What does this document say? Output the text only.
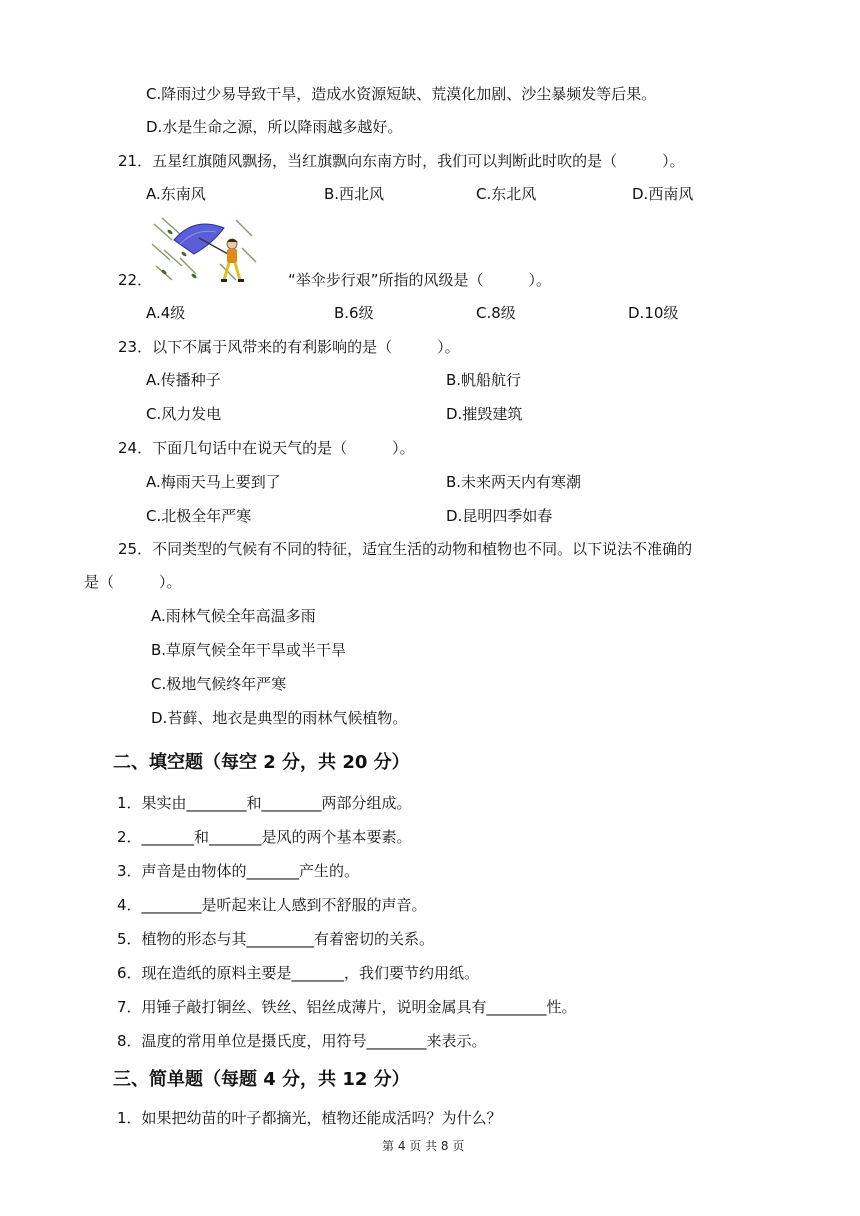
C.降雨过少易导致干旱，造成水资源短缺、荒漠化加剧、沙尘暴频发等后果。
D.水是生命之源，所以降雨越多越好。
21．五星红旗随风飘扬，当红旗飘向东南方时，我们可以判断此时吹的是（　　　）。
A.东南风	B.西北风	C.东北风	D.西南风
22．	“举伞步行艰”所指的风级是（　　　）。
A.4级	B.6级	C.8级	D.10级
23．以下不属于风带来的有利影响的是（　　　）。
A.传播种子	B.帆船航行
C.风力发电	D.摧毁建筑
24．下面几句话中在说天气的是（　　　）。
A.梅雨天马上要到了	B.未来两天内有寒潮
C.北极全年严寒	D.昆明四季如春
25．不同类型的气候有不同的特征，适宜生活的动物和植物也不同。以下说法不准确的
是（　　　）。
A.雨林气候全年高温多雨
B.草原气候全年干旱或半干旱
C.极地气候终年严寒
D.苔藓、地衣是典型的雨林气候植物。
二、填空题（每空 2 分，共 20 分）
1．果实由________和________两部分组成。
2．_______和_______是风的两个基本要素。
3．声音是由物体的_______产生的。
4．________是听起来让人感到不舒服的声音。
5．植物的形态与其_________有着密切的关系。
6．现在造纸的原料主要是_______，我们要节约用纸。
7．用锤子敲打铜丝、铁丝、铝丝成薄片，说明金属具有________性。
8．温度的常用单位是摄氏度，用符号________来表示。
三、简单题（每题 4 分，共 12 分）
1．如果把幼苗的叶子都摘光，植物还能成活吗？为什么？
第 4 页 共 8 页
